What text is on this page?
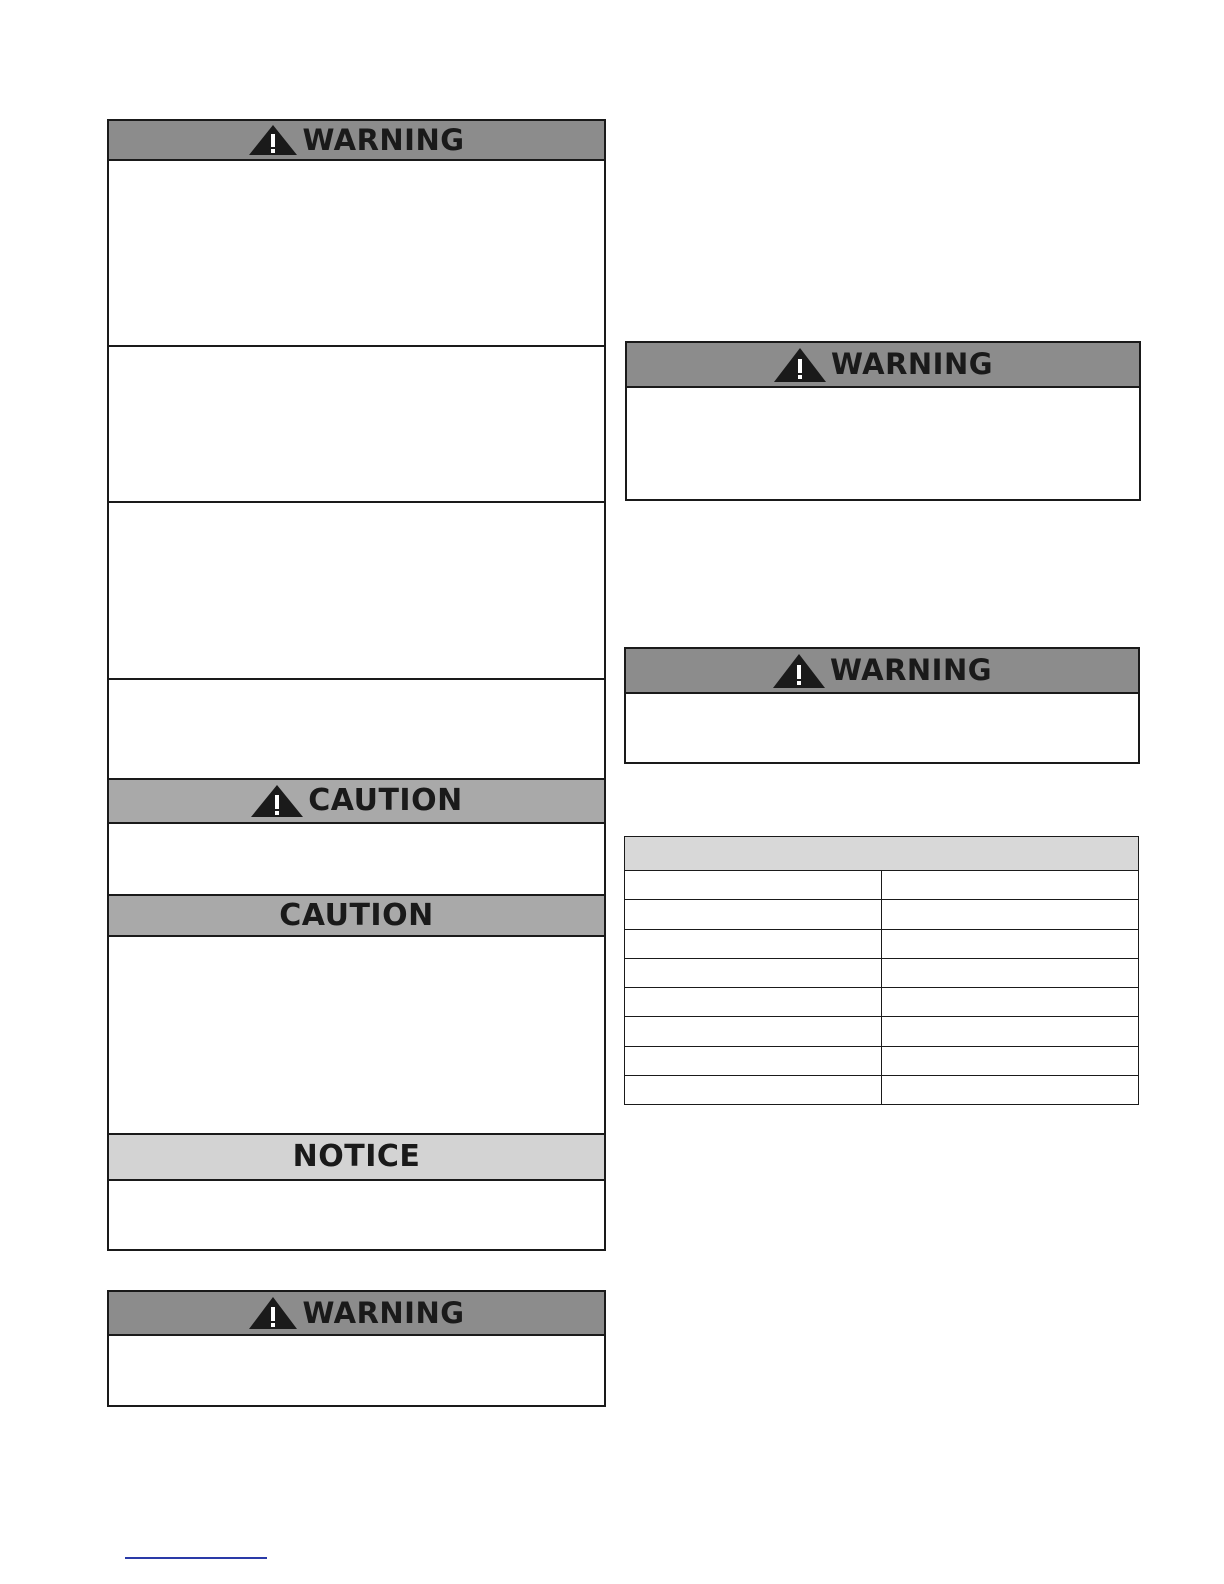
WARNING
CAUTION
CAUTION
NOTICE
WARNING
WARNING
WARNING
